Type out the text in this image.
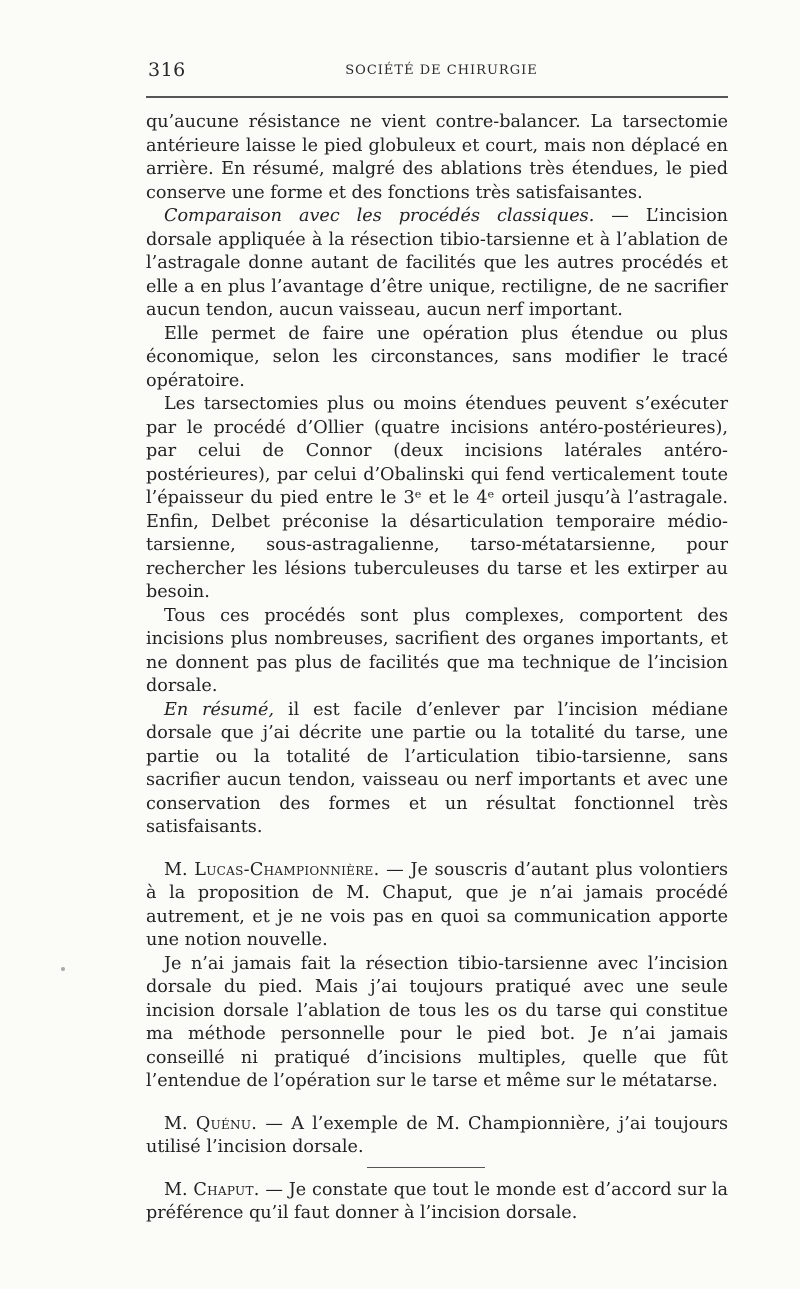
316	SOCIÉTÉ DE CHIRURGIE

qu’aucune résistance ne vient contre-balancer. La tarsectomie antérieure laisse le pied globuleux et court, mais non déplacé en arrière. En résumé, malgré des ablations très étendues, le pied conserve une forme et des fonctions très satisfaisantes.

Comparaison avec les procédés classiques. — L’incision dorsale appliquée à la résection tibio-tarsienne et à l’ablation de l’astragale donne autant de facilités que les autres procédés et elle a en plus l’avantage d’être unique, rectiligne, de ne sacrifier aucun tendon, aucun vaisseau, aucun nerf important.

Elle permet de faire une opération plus étendue ou plus économique, selon les circonstances, sans modifier le tracé opératoire.

Les tarsectomies plus ou moins étendues peuvent s’exécuter par le procédé d’Ollier (quatre incisions antéro-postérieures), par celui de Connor (deux incisions latérales antéro-postérieures), par celui d’Obalinski qui fend verticalement toute l’épaisseur du pied entre le 3ᵉ et le 4ᵉ orteil jusqu’à l’astragale. Enfin, Delbet préconise la désarticulation temporaire médio-tarsienne, sous-astragalienne, tarso-métatarsienne, pour rechercher les lésions tuberculeuses du tarse et les extirper au besoin.

Tous ces procédés sont plus complexes, comportent des incisions plus nombreuses, sacrifient des organes importants, et ne donnent pas plus de facilités que ma technique de l’incision dorsale.

En résumé, il est facile d’enlever par l’incision médiane dorsale que j’ai décrite une partie ou la totalité du tarse, une partie ou la totalité de l’articulation tibio-tarsienne, sans sacrifier aucun tendon, vaisseau ou nerf importants et avec une conservation des formes et un résultat fonctionnel très satisfaisants.

M. Lucas-Championnière. — Je souscris d’autant plus volontiers à la proposition de M. Chaput, que je n’ai jamais procédé autrement, et je ne vois pas en quoi sa communication apporte une notion nouvelle.

Je n’ai jamais fait la résection tibio-tarsienne avec l’incision dorsale du pied. Mais j’ai toujours pratiqué avec une seule incision dorsale l’ablation de tous les os du tarse qui constitue ma méthode personnelle pour le pied bot. Je n’ai jamais conseillé ni pratiqué d’incisions multiples, quelle que fût l’entendue de l’opération sur le tarse et même sur le métatarse.

M. Quénu. — A l’exemple de M. Championnière, j’ai toujours utilisé l’incision dorsale.

M. Chaput. — Je constate que tout le monde est d’accord sur la préférence qu’il faut donner à l’incision dorsale.
